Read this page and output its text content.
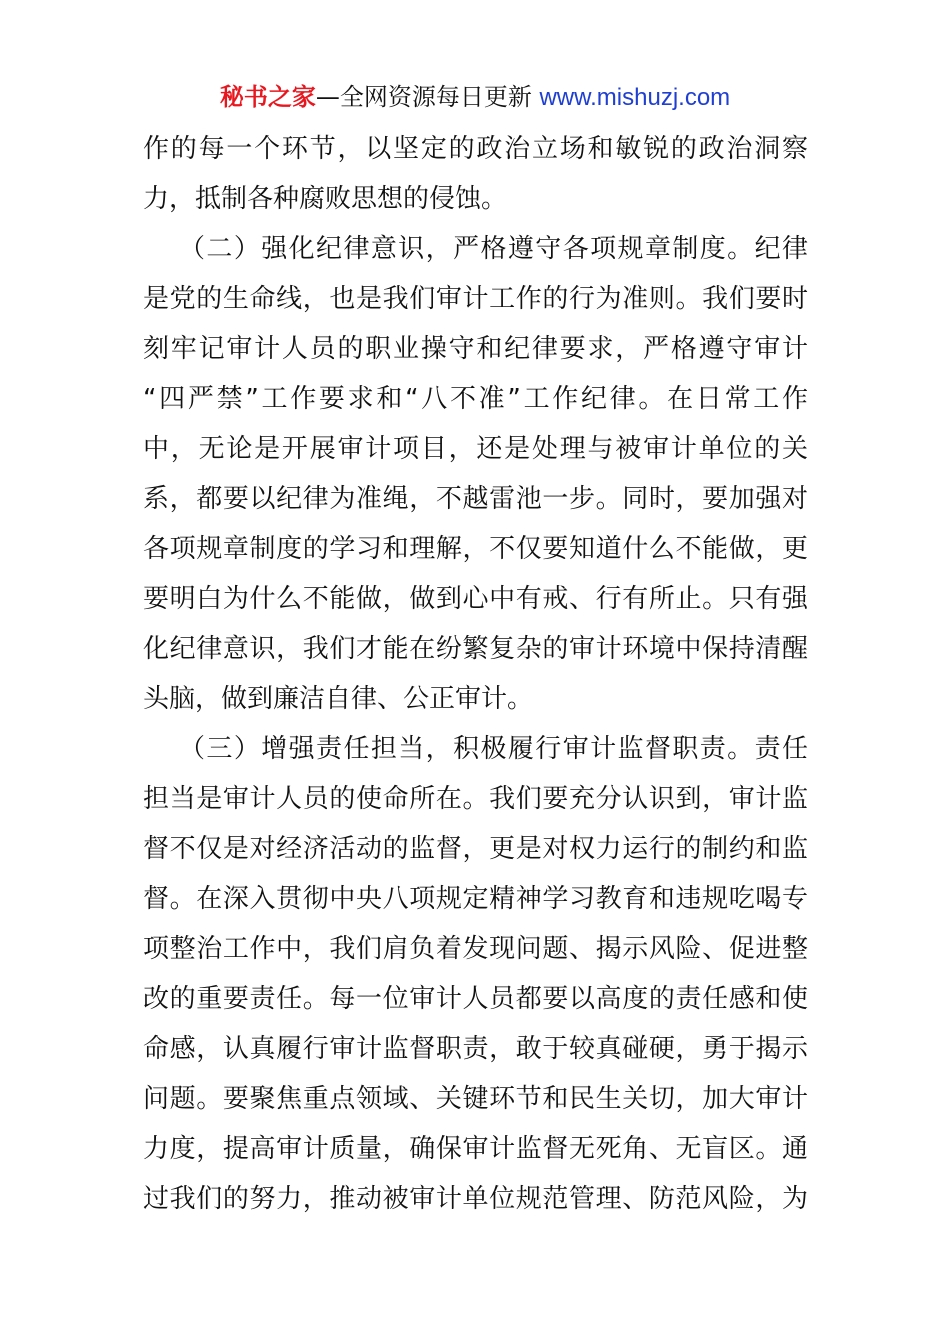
秘书之家—全网资源每日更新 www.mishuzj.com
作的每一个环节，以坚定的政治立场和敏锐的政治洞察
力，抵制各种腐败思想的侵蚀。
（二）强化纪律意识，严格遵守各项规章制度。纪律
是党的生命线，也是我们审计工作的行为准则。我们要时
刻牢记审计人员的职业操守和纪律要求，严格遵守审计
“四严禁”工作要求和“八不准”工作纪律。在日常工作
中，无论是开展审计项目，还是处理与被审计单位的关
系，都要以纪律为准绳，不越雷池一步。同时，要加强对
各项规章制度的学习和理解，不仅要知道什么不能做，更
要明白为什么不能做，做到心中有戒、行有所止。只有强
化纪律意识，我们才能在纷繁复杂的审计环境中保持清醒
头脑，做到廉洁自律、公正审计。
（三）增强责任担当，积极履行审计监督职责。责任
担当是审计人员的使命所在。我们要充分认识到，审计监
督不仅是对经济活动的监督，更是对权力运行的制约和监
督。在深入贯彻中央八项规定精神学习教育和违规吃喝专
项整治工作中，我们肩负着发现问题、揭示风险、促进整
改的重要责任。每一位审计人员都要以高度的责任感和使
命感，认真履行审计监督职责，敢于较真碰硬，勇于揭示
问题。要聚焦重点领域、关键环节和民生关切，加大审计
力度，提高审计质量，确保审计监督无死角、无盲区。通
过我们的努力，推动被审计单位规范管理、防范风险，为
